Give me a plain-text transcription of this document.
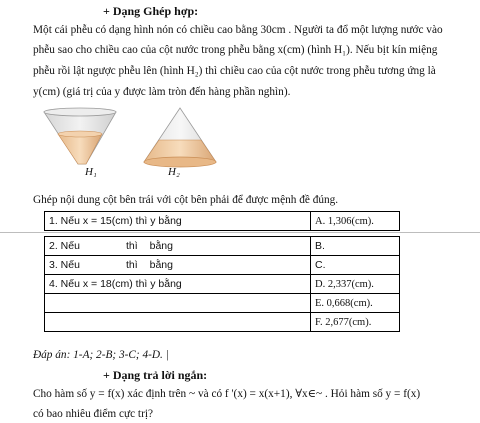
+ Dạng Ghép hợp:
Một cái phễu có dạng hình nón có chiều cao bằng 30cm . Người ta đổ một lượng nước vào
phễu sao cho chiều cao của cột nước trong phễu bằng x(cm) (hình H₁). Nếu bịt kín miệng
phễu rồi lật ngược phễu lên (hình H₂) thì chiều cao của cột nước trong phễu tương ứng là
y(cm) (giá trị của y được làm tròn đến hàng phần nghìn).
H₁	H₂
Ghép nội dung cột bên trái với cột bên phải để được mệnh đề đúng.
1. Nếu x = 15(cm) thì y bằng	A. 1,306(cm).
2. Nếu thì bằng	B.
3. Nếu thì bằng	C.
4. Nếu x = 18(cm) thì y bằng	D. 2,337(cm).
	E. 0,668(cm).
	F. 2,677(cm).
Đáp án: 1-A; 2-B; 3-C; 4-D. |
+ Dạng trả lời ngắn:
Cho hàm số y = f(x) xác định trên ~ và có f '(x) = x(x+1), ∀x∈~ . Hỏi hàm số y = f(x)
có bao nhiêu điểm cực trị?
